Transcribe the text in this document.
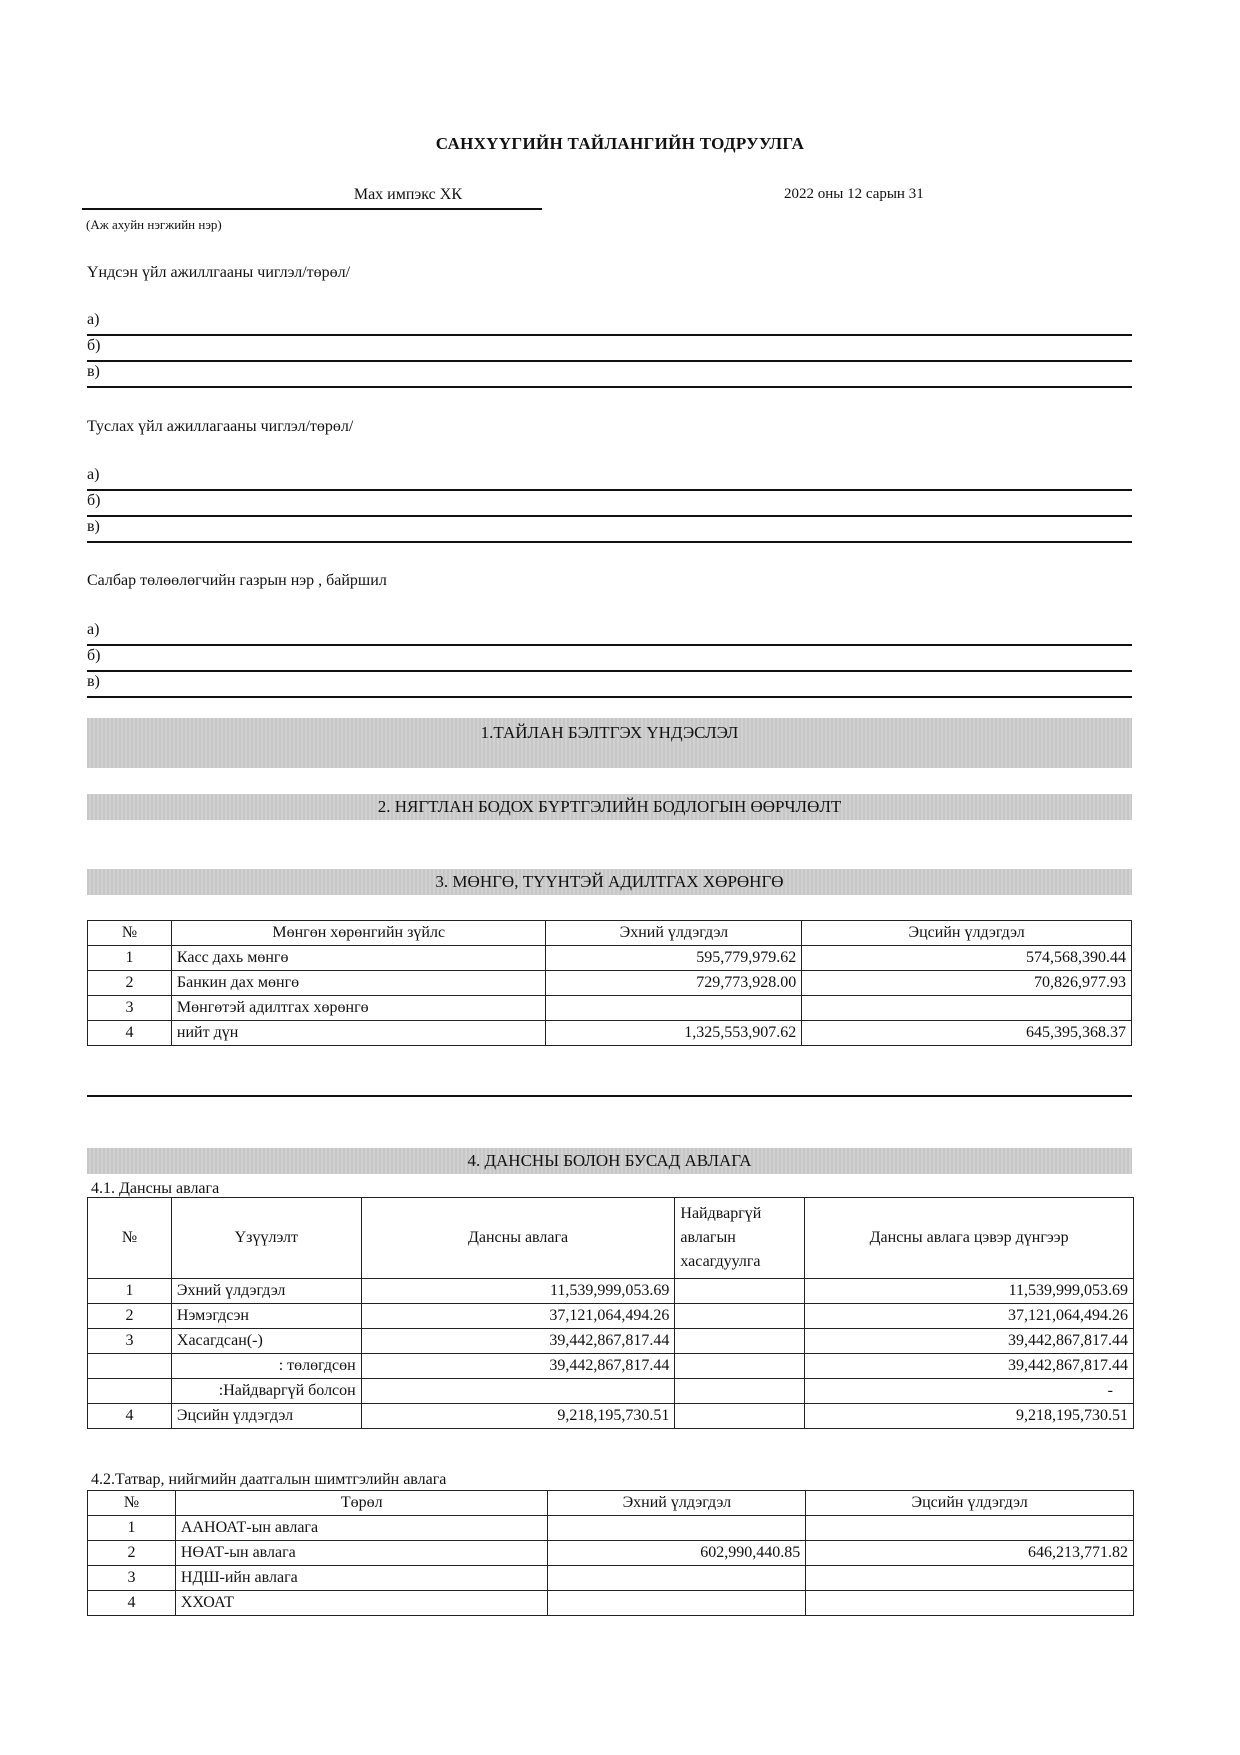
САНХҮҮГИЙН ТАЙЛАНГИЙН ТОДРУУЛГА
Мах импэкс ХК	2022 оны 12 сарын 31
(Аж ахуйн нэгжийн нэр)
Үндсэн үйл ажиллгааны чиглэл/төрөл/
а)
б)
в)
Туслах үйл ажиллагааны чиглэл/төрөл/
а)
б)
в)
Салбар төлөөлөгчийн газрын нэр , байршил
а)
б)
в)
1.ТАЙЛАН БЭЛТГЭХ ҮНДЭСЛЭЛ
2. НЯГТЛАН БОДОХ БҮРТГЭЛИЙН БОДЛОГЫН ӨӨРЧЛӨЛТ
3. МӨНГӨ, ТҮҮНТЭЙ АДИЛТГАХ ХӨРӨНГӨ
№	Мөнгөн хөрөнгийн зүйлс	Эхний үлдэгдэл	Эцсийн үлдэгдэл
1	Касс дахь мөнгө	595,779,979.62	574,568,390.44
2	Банкин дах мөнгө	729,773,928.00	70,826,977.93
3	Мөнгөтэй адилтгах хөрөнгө		
4	нийт дүн	1,325,553,907.62	645,395,368.37
4. ДАНСНЫ БОЛОН БУСАД АВЛАГА
4.1. Дансны авлага
№	Үзүүлэлт	Дансны авлага	Найдваргүй авлагын хасагдуулга	Дансны авлага цэвэр дүнгээр
1	Эхний үлдэгдэл	11,539,999,053.69		11,539,999,053.69
2	Нэмэгдсэн	37,121,064,494.26		37,121,064,494.26
3	Хасагдсан(-)	39,442,867,817.44		39,442,867,817.44
	: төлөгдсөн	39,442,867,817.44		39,442,867,817.44
	:Найдваргүй болсон			-
4	Эцсийн үлдэгдэл	9,218,195,730.51		9,218,195,730.51
4.2.Татвар, нийгмийн даатгалын шимтгэлийн авлага
№	Төрөл	Эхний үлдэгдэл	Эцсийн үлдэгдэл
1	ААНОАТ-ын авлага		
2	НӨАТ-ын авлага	602,990,440.85	646,213,771.82
3	НДШ-ийн авлага		
4	ХХОАТ		
